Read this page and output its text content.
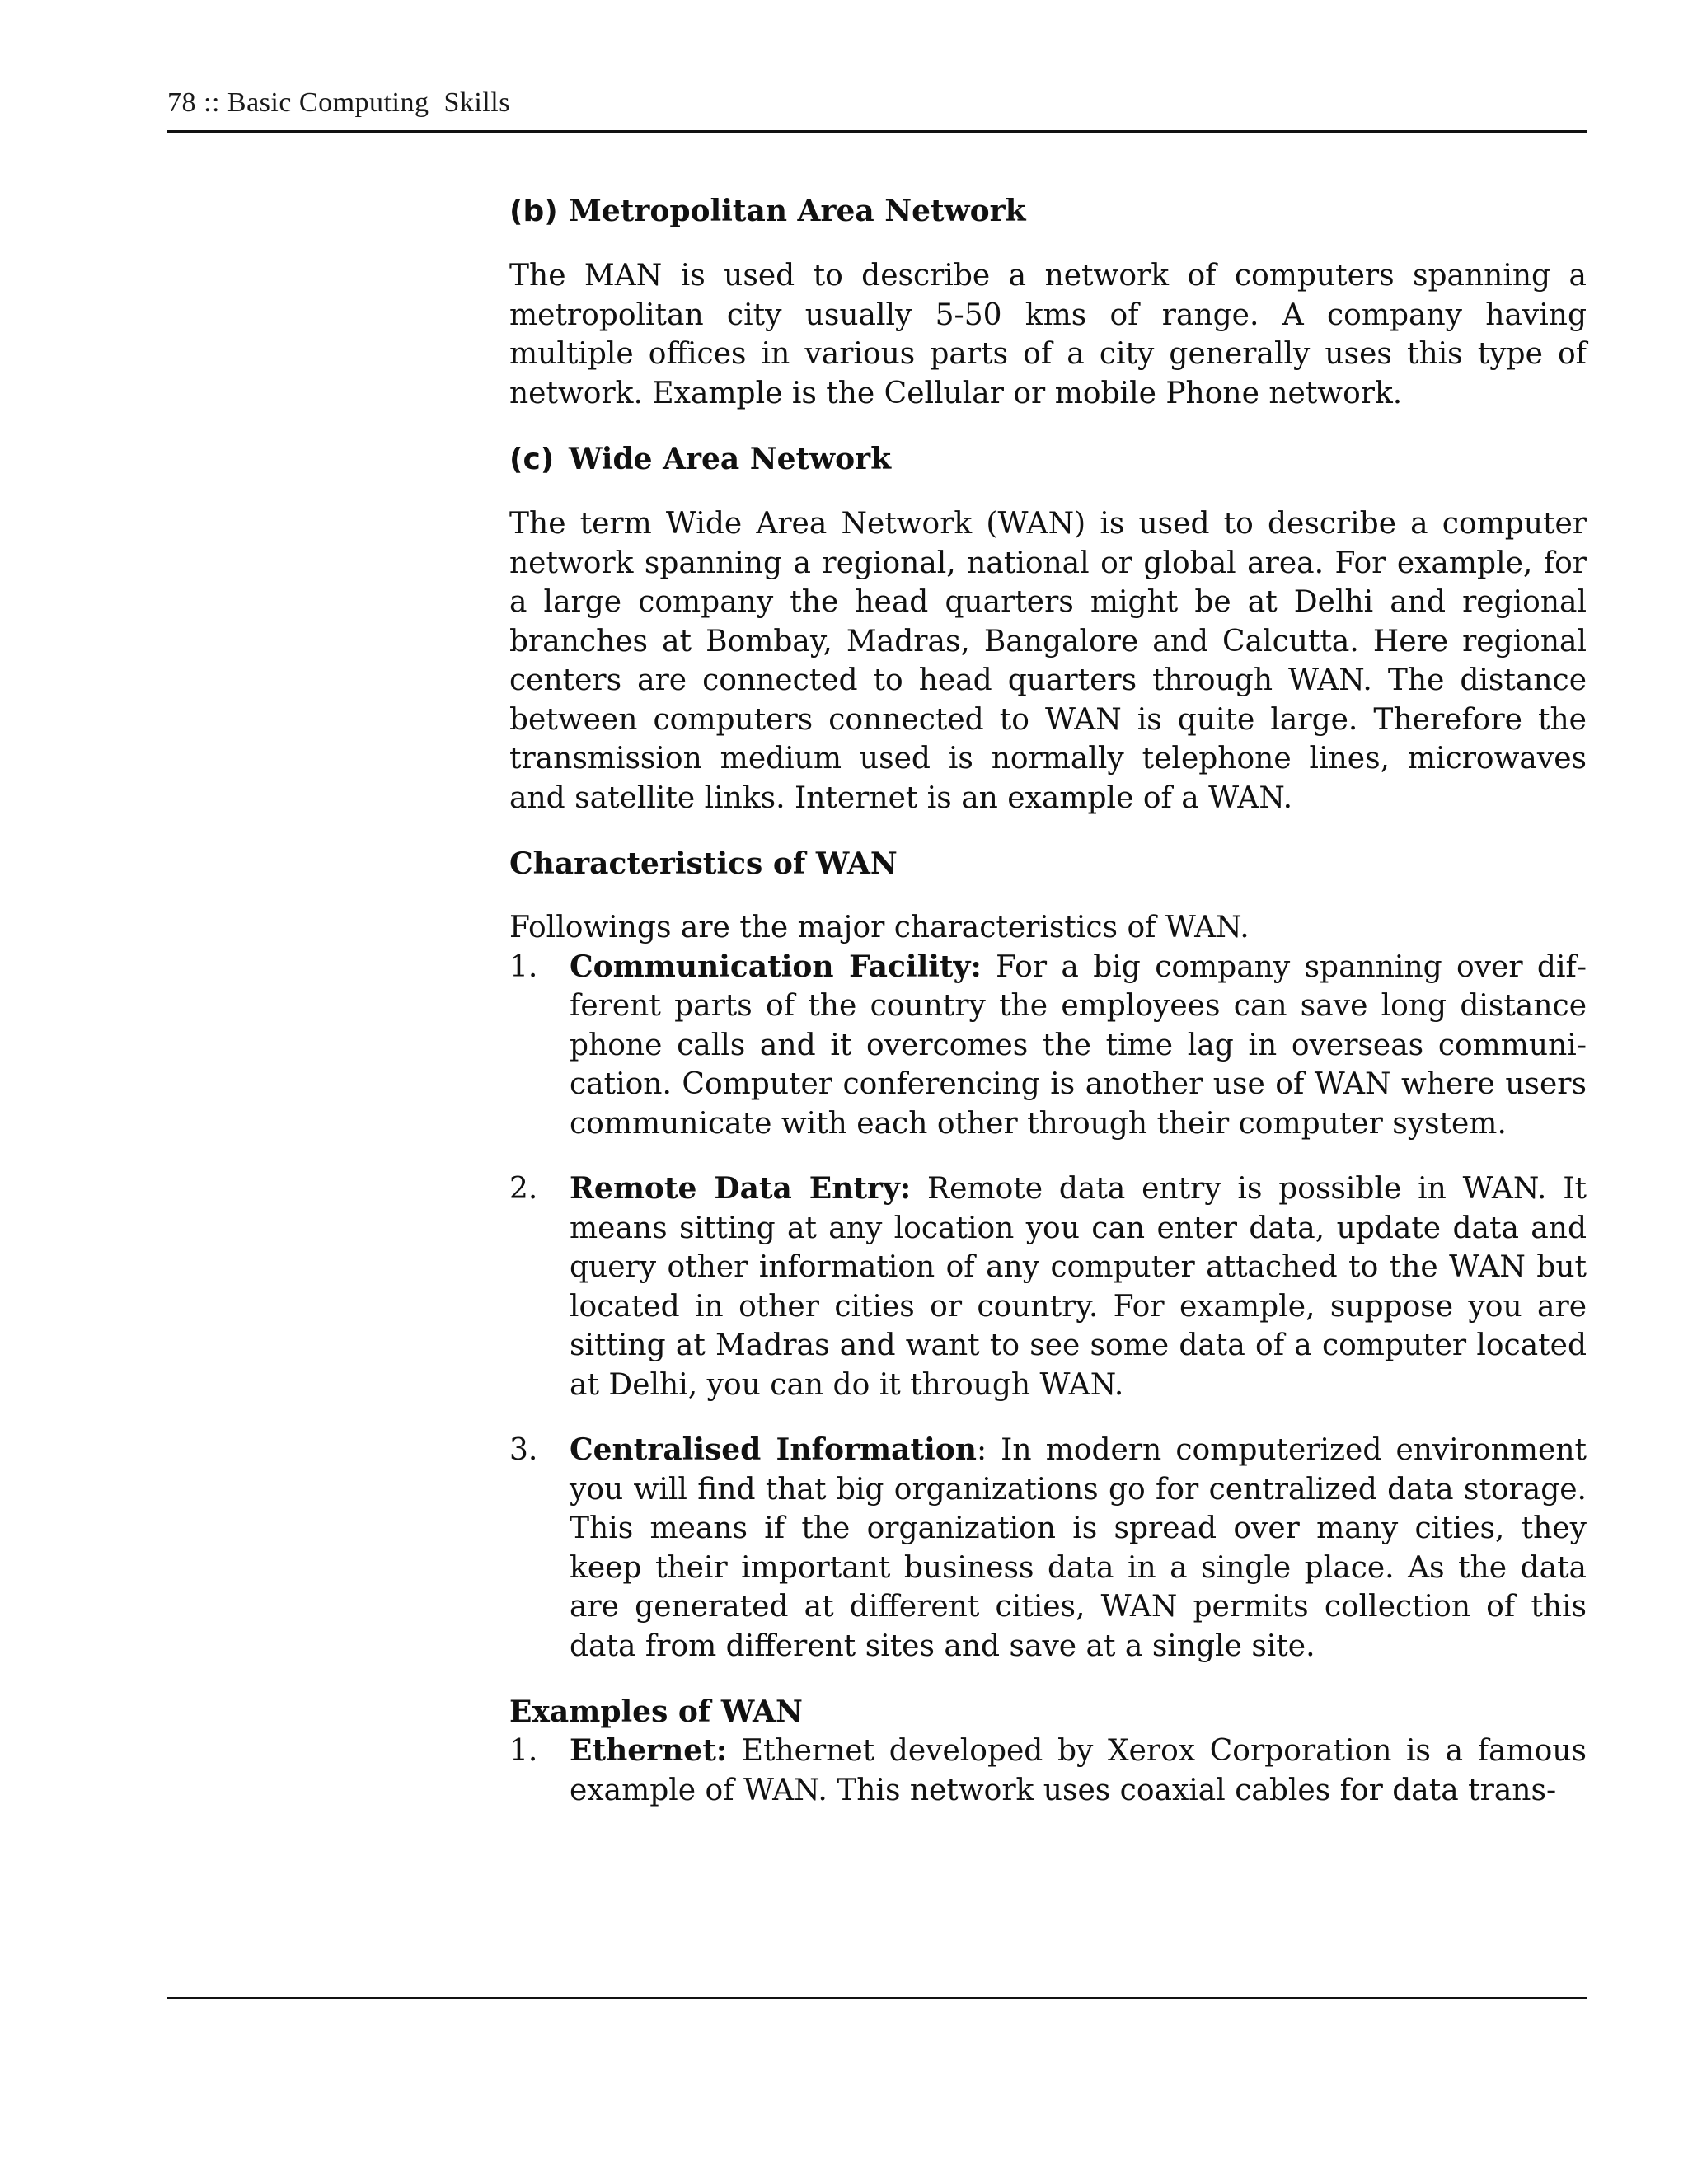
78 :: Basic Computing  Skills
(b) Metropolitan Area Network

The MAN is used to describe a network of computers spanning a metropolitan city usually 5-50 kms of range. A company having multiple offices in various parts of a city generally uses this type of network. Example is the Cellular or mobile Phone network.

(c) Wide Area Network

The term Wide Area Network (WAN) is used to describe a computer network spanning a regional, national or global area. For example, for a large company the head quarters might be at Delhi and regional branches at Bombay, Madras, Bangalore and Calcutta. Here regional centers are connected to head quarters through WAN. The distance between computers connected to WAN is quite large. Therefore the transmission medium used is normally telephone lines, microwaves and satellite links. Internet is an example of a WAN.

Characteristics of WAN

Followings are the major characteristics of WAN.

1. Communication Facility: For a big company spanning over different parts of the country the employees can save long distance phone calls and it overcomes the time lag in overseas communication. Computer conferencing is another use of WAN where users communicate with each other through their computer system.
2. Remote Data Entry: Remote data entry is possible in WAN. It means sitting at any location you can enter data, update data and query other information of any computer attached to the WAN but located in other cities or country. For example, suppose you are sitting at Madras and want to see some data of a computer located at Delhi, you can do it through WAN.
3. Centralised Information: In modern computerized environment you will find that big organizations go for centralized data storage. This means if the organization is spread over many cities, they keep their important business data in a single place. As the data are generated at different cities, WAN permits collection of this data from different sites and save at a single site.
Examples of WAN
1. Ethernet: Ethernet developed by Xerox Corporation is a famous example of WAN. This network uses coaxial cables for data trans-
